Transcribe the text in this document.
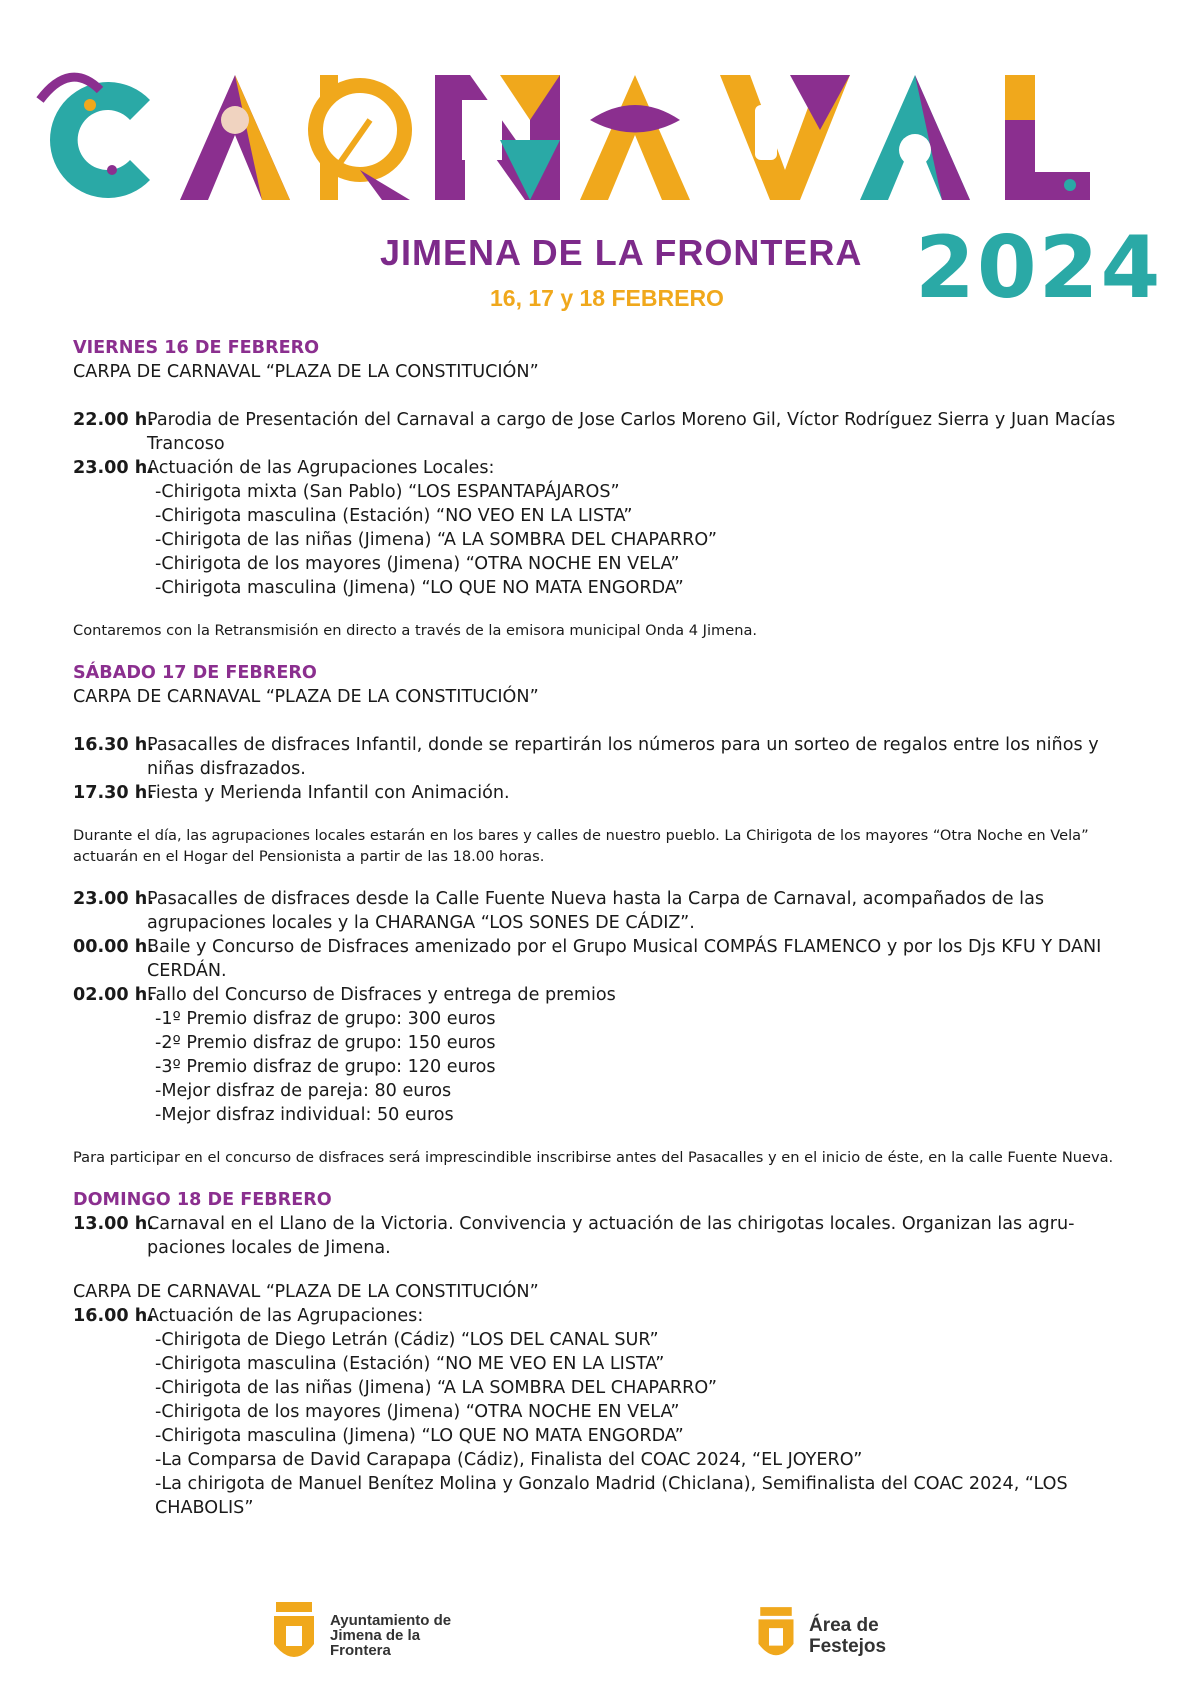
JIMENA DE LA FRONTERA
16, 17 y 18 FEBRERO 2024
VIERNES 16 DE FEBRERO
CARPA DE CARNAVAL “PLAZA DE LA CONSTITUCIÓN”
22.00 h.
Parodia de Presentación del Carnaval a cargo de Jose Carlos Moreno Gil, Víctor Rodríguez Sierra y Juan Macías Trancoso
23.00 h.
Actuación de las Agrupaciones Locales:
-Chirigota mixta (San Pablo) “LOS ESPANTAPÁJAROS”
-Chirigota masculina (Estación) “NO VEO EN LA LISTA”
-Chirigota de las niñas (Jimena) “A LA SOMBRA DEL CHAPARRO”
-Chirigota de los mayores (Jimena) “OTRA NOCHE EN VELA”
-Chirigota masculina (Jimena) “LO QUE NO MATA ENGORDA”
Contaremos con la Retransmisión en directo a través de la emisora municipal Onda 4 Jimena.
SÁBADO 17 DE FEBRERO
CARPA DE CARNAVAL “PLAZA DE LA CONSTITUCIÓN”
16.30 h.
Pasacalles de disfraces Infantil, donde se repartirán los números para un sorteo de regalos entre los niños y niñas disfrazados.
17.30 h.
Fiesta y Merienda Infantil con Animación.
Durante el día, las agrupaciones locales estarán en los bares y calles de nuestro pueblo. La Chirigota de los mayores “Otra Noche en Vela” actuarán en el Hogar del Pensionista a partir de las 18.00 horas.
23.00 h.
Pasacalles de disfraces desde la Calle Fuente Nueva hasta la Carpa de Carnaval, acompañados de las agrupaciones locales y la CHARANGA “LOS SONES DE CÁDIZ”.
00.00 h.
Baile y Concurso de Disfraces amenizado por el Grupo Musical COMPÁS FLAMENCO y por los Djs KFU Y DANI CERDÁN.
02.00 h.
Fallo del Concurso de Disfraces y entrega de premios
-1º Premio disfraz de grupo: 300 euros
-2º Premio disfraz de grupo: 150 euros
-3º Premio disfraz de grupo: 120 euros
-Mejor disfraz de pareja: 80 euros
-Mejor disfraz individual: 50 euros
Para participar en el concurso de disfraces será imprescindible inscribirse antes del Pasacalles y en el inicio de éste, en la calle Fuente Nueva.
DOMINGO 18 DE FEBRERO
13.00 h.
Carnaval en el Llano de la Victoria. Convivencia y actuación de las chirigotas locales. Organizan las agru- paciones locales de Jimena.
CARPA DE CARNAVAL “PLAZA DE LA CONSTITUCIÓN”
16.00 h.
Actuación de las Agrupaciones:
-Chirigota de Diego Letrán (Cádiz) “LOS DEL CANAL SUR”
-Chirigota masculina (Estación) “NO ME VEO EN LA LISTA”
-Chirigota de las niñas (Jimena) “A LA SOMBRA DEL CHAPARRO”
-Chirigota de los mayores (Jimena) “OTRA NOCHE EN VELA”
-Chirigota masculina (Jimena) “LO QUE NO MATA ENGORDA”
-La Comparsa de David Carapapa (Cádiz), Finalista del COAC 2024, “EL JOYERO”
-La chirigota de Manuel Benítez Molina y Gonzalo Madrid (Chiclana), Semifinalista del COAC 2024, “LOS CHABOLIS”
Ayuntamiento de Jimena de la Frontera
Área de Festejos
